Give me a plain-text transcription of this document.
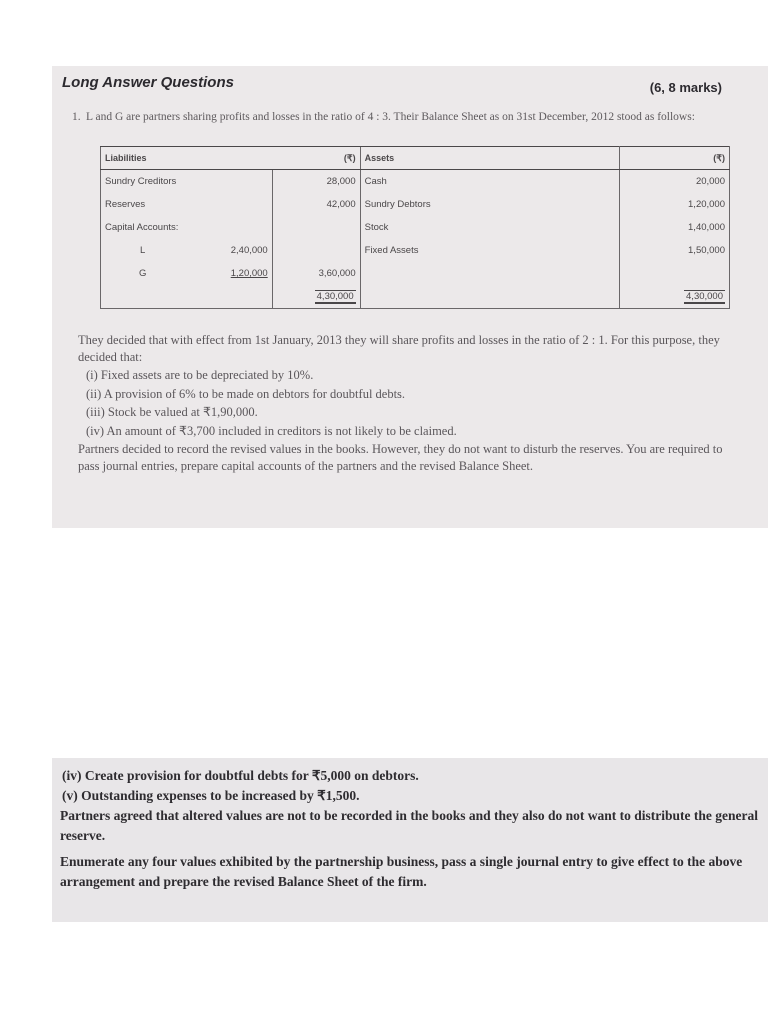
Long Answer Questions	(6, 8 marks)
1. L and G are partners sharing profits and losses in the ratio of 4 : 3. Their Balance Sheet as on 31st December, 2012 stood as follows:
Liabilities (₹)			Assets	(₹)
Sundry Creditors		28,000	Cash	20,000
Reserves		42,000	Sundry Debtors	1,20,000
Capital Accounts:			Stock	1,40,000
L	2,40,000		Fixed Assets	1,50,000
G	1,20,000	3,60,000		
		4,30,000		4,30,000

They decided that with effect from 1st January, 2013 they will share profits and losses in the ratio of 2 : 1. For this purpose, they decided that:

(i) Fixed assets are to be depreciated by 10%.

(ii) A provision of 6% to be made on debtors for doubtful debts.

(iii) Stock be valued at ₹1,90,000.

(iv) An amount of ₹3,700 included in creditors is not likely to be claimed.

Partners decided to record the revised values in the books. However, they do not want to disturb the reserves. You are required to pass journal entries, prepare capital accounts of the partners and the revised Balance Sheet.

(iv) Create provision for doubtful debts for ₹5,000 on debtors.

(v) Outstanding expenses to be increased by ₹1,500.

Partners agreed that altered values are not to be recorded in the books and they also do not want to distribute the general reserve.

Enumerate any four values exhibited by the partnership business, pass a single journal entry to give effect to the above arrangement and prepare the revised Balance Sheet of the firm.
